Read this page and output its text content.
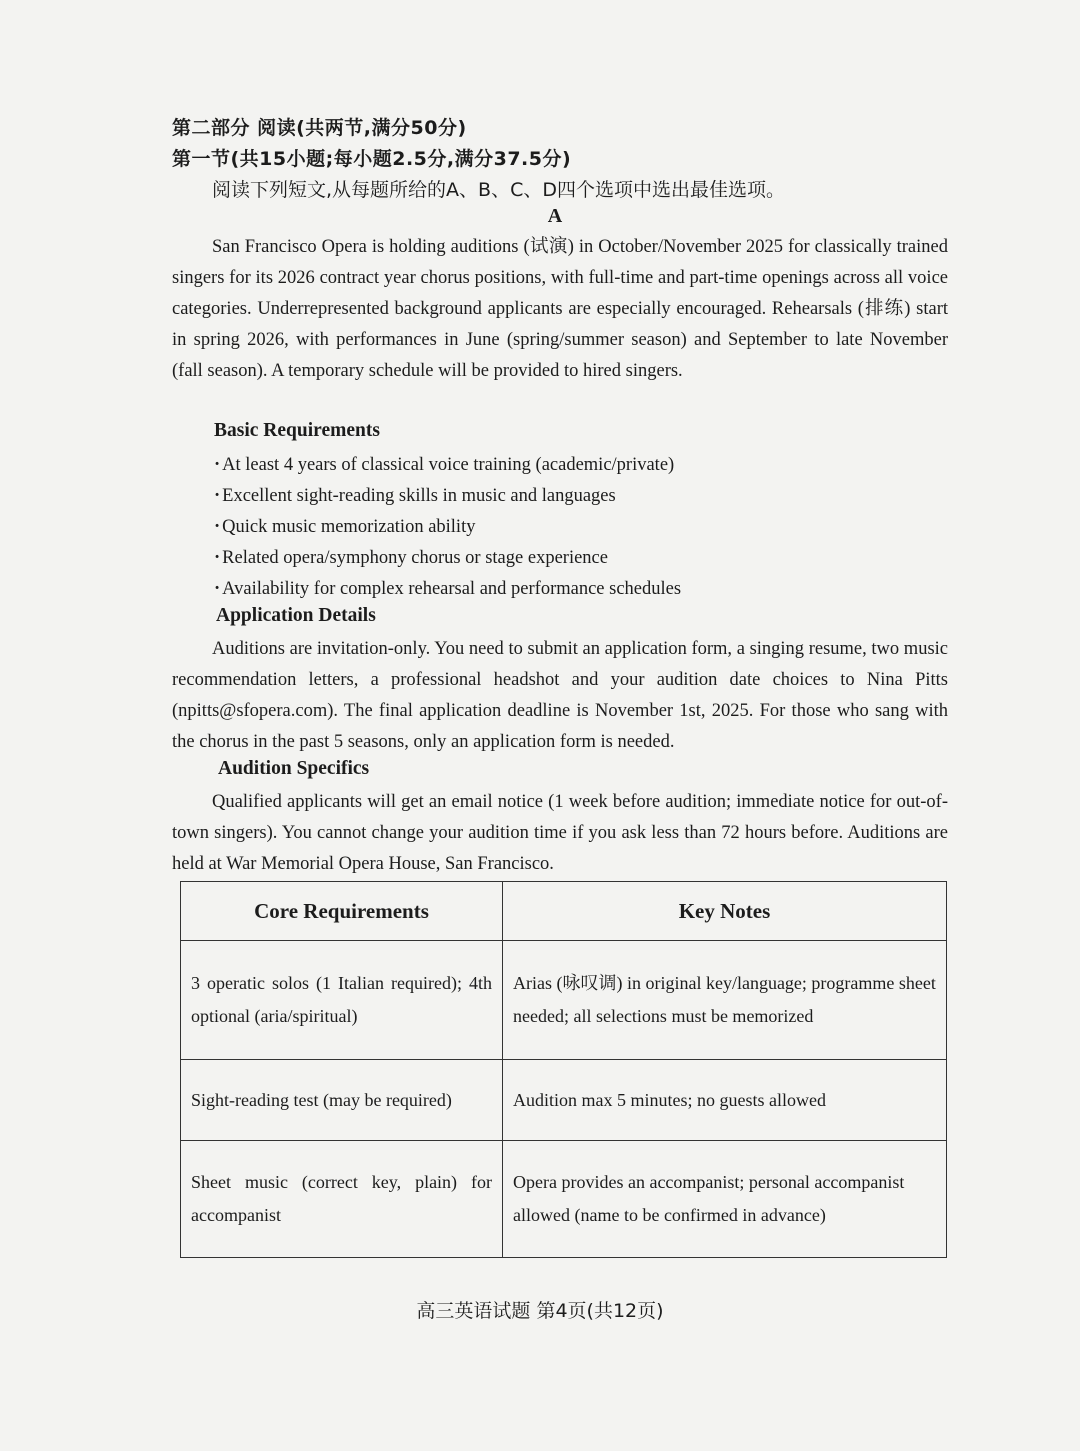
第二部分 阅读(共两节,满分50分)
第一节(共15小题;每小题2.5分,满分37.5分)
阅读下列短文,从每题所给的A、B、C、D四个选项中选出最佳选项。
A
San Francisco Opera is holding auditions (试演) in October/November 2025 for classically trained singers for its 2026 contract year chorus positions, with full-time and part-time openings across all voice categories. Underrepresented background applicants are especially encouraged. Rehearsals (排练) start in spring 2026, with performances in June (spring/summer season) and September to late November (fall season). A temporary schedule will be provided to hired singers.
Basic Requirements
· At least 4 years of classical voice training (academic/private)
· Excellent sight-reading skills in music and languages
· Quick music memorization ability
· Related opera/symphony chorus or stage experience
· Availability for complex rehearsal and performance schedules
Application Details
Auditions are invitation-only. You need to submit an application form, a singing resume, two music recommendation letters, a professional headshot and your audition date choices to Nina Pitts (npitts@sfopera.com). The final application deadline is November 1st, 2025. For those who sang with the chorus in the past 5 seasons, only an application form is needed.
Audition Specifics
Qualified applicants will get an email notice (1 week before audition; immediate notice for out-of-town singers). You cannot change your audition time if you ask less than 72 hours before. Auditions are held at War Memorial Opera House, San Francisco.
Core Requirements	Key Notes
3 operatic solos (1 Italian required); 4th optional (aria/spiritual)	Arias (咏叹调) in original key/language; programme sheet needed; all selections must be memorized
Sight-reading test (may be required)	Audition max 5 minutes; no guests allowed
Sheet music (correct key, plain) for accompanist	Opera provides an accompanist; personal accompanist allowed (name to be confirmed in advance)
高三英语试题 第4页(共12页)
